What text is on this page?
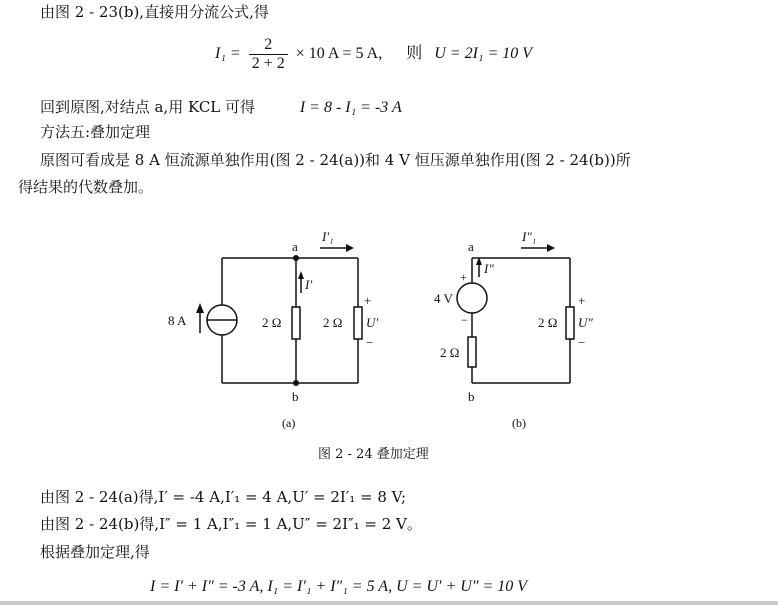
由图 2 - 23(b),直接用分流公式,得
$I_1 = \frac{2}{2 + 2} \times 10$ A = 5 A, 则 U = 2I₁ = 10 V
回到原图,对结点 a,用 KCL 可得	I = 8 - I₁ = -3 A
方法五:叠加定理
原图可看成是 8 A 恒流源单独作用(图 2 - 24(a))和 4 V 恒压源单独作用(图 2 - 24(b))所
得结果的代数叠加。
a
b
I′₁
8 A
I′
2 Ω	2 Ω
+
U′
−
(a)
a
b
I″₁
4 V
+
−
I″
2 Ω
2 Ω
+
U″
−
(b)
图 2 - 24 叠加定理
由图 2 - 24(a)得,I′ = -4 A,I′₁ = 4 A,U′ = 2I′₁ = 8 V;
由图 2 - 24(b)得,I″ = 1 A,I″₁ = 1 A,U″ = 2I″₁ = 2 V。
根据叠加定理,得
I = I′ + I″ = -3 A, I₁ = I′₁ + I″₁ = 5 A, U = U′ + U″ = 10 V
